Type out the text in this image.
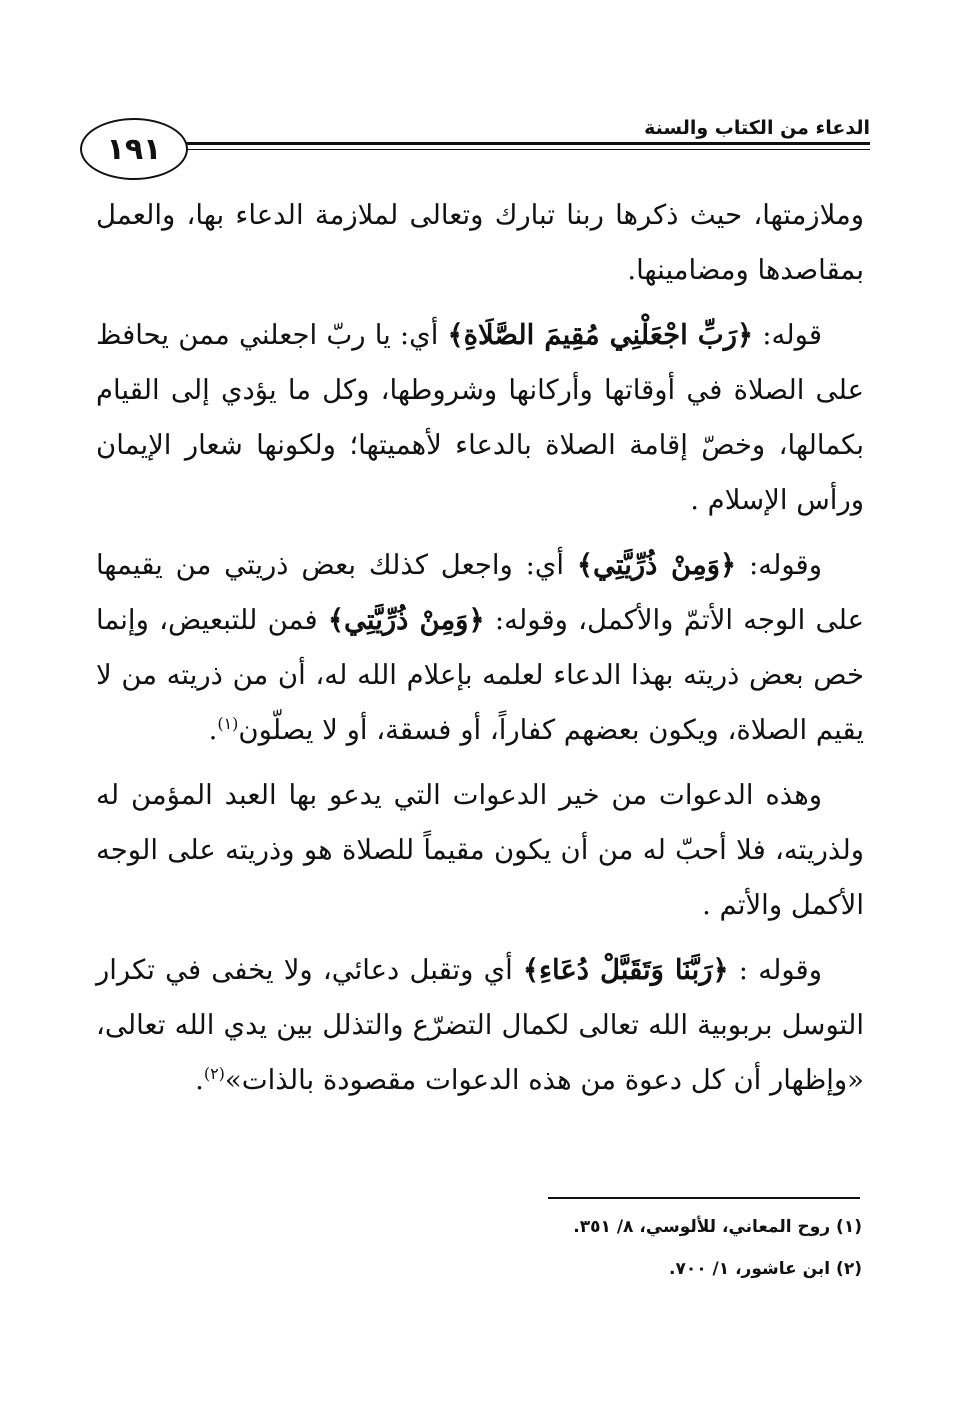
١٩١
الدعاء من الكتاب والسنة

وملازمتها، حيث ذكرها ربنا تبارك وتعالى لملازمة الدعاء بها، والعمل بمقاصدها ومضامينها.

قوله: ﴿رَبِّ اجْعَلْنِي مُقِيمَ الصَّلَاةِ﴾ أي: يا ربّ اجعلني ممن يحافظ على الصلاة في أوقاتها وأركانها وشروطها، وكل ما يؤدي إلى القيام بكمالها، وخصّ إقامة الصلاة بالدعاء لأهميتها؛ ولكونها شعار الإيمان ورأس الإسلام .

وقوله: ﴿وَمِنْ ذُرِّيَّتِي﴾ أي: واجعل كذلك بعض ذريتي من يقيمها على الوجه الأتمّ والأكمل، وقوله: ﴿وَمِنْ ذُرِّيَّتِي﴾ فمن للتبعيض، وإنما خص بعض ذريته بهذا الدعاء لعلمه بإعلام الله له، أن من ذريته من لا يقيم الصلاة، ويكون بعضهم كفاراً، أو فسقة، أو لا يصلّون$^{(١)}$.

وهذه الدعوات من خير الدعوات التي يدعو بها العبد المؤمن له ولذريته، فلا أحبّ له من أن يكون مقيماً للصلاة هو وذريته على الوجه الأكمل والأتم .

وقوله : ﴿رَبَّنَا وَتَقَبَّلْ دُعَاءِ﴾ أي وتقبل دعائي، ولا يخفى في تكرار التوسل بربوبية الله تعالى لكمال التضرّع والتذلل بين يدي الله تعالى، «وإظهار أن كل دعوة من هذه الدعوات مقصودة بالذات»$^{(٢)}$.

(١) روح المعاني، للألوسي، ٨/ ٣٥١.
(٢) ابن عاشور، ١/ ٧٠٠.
